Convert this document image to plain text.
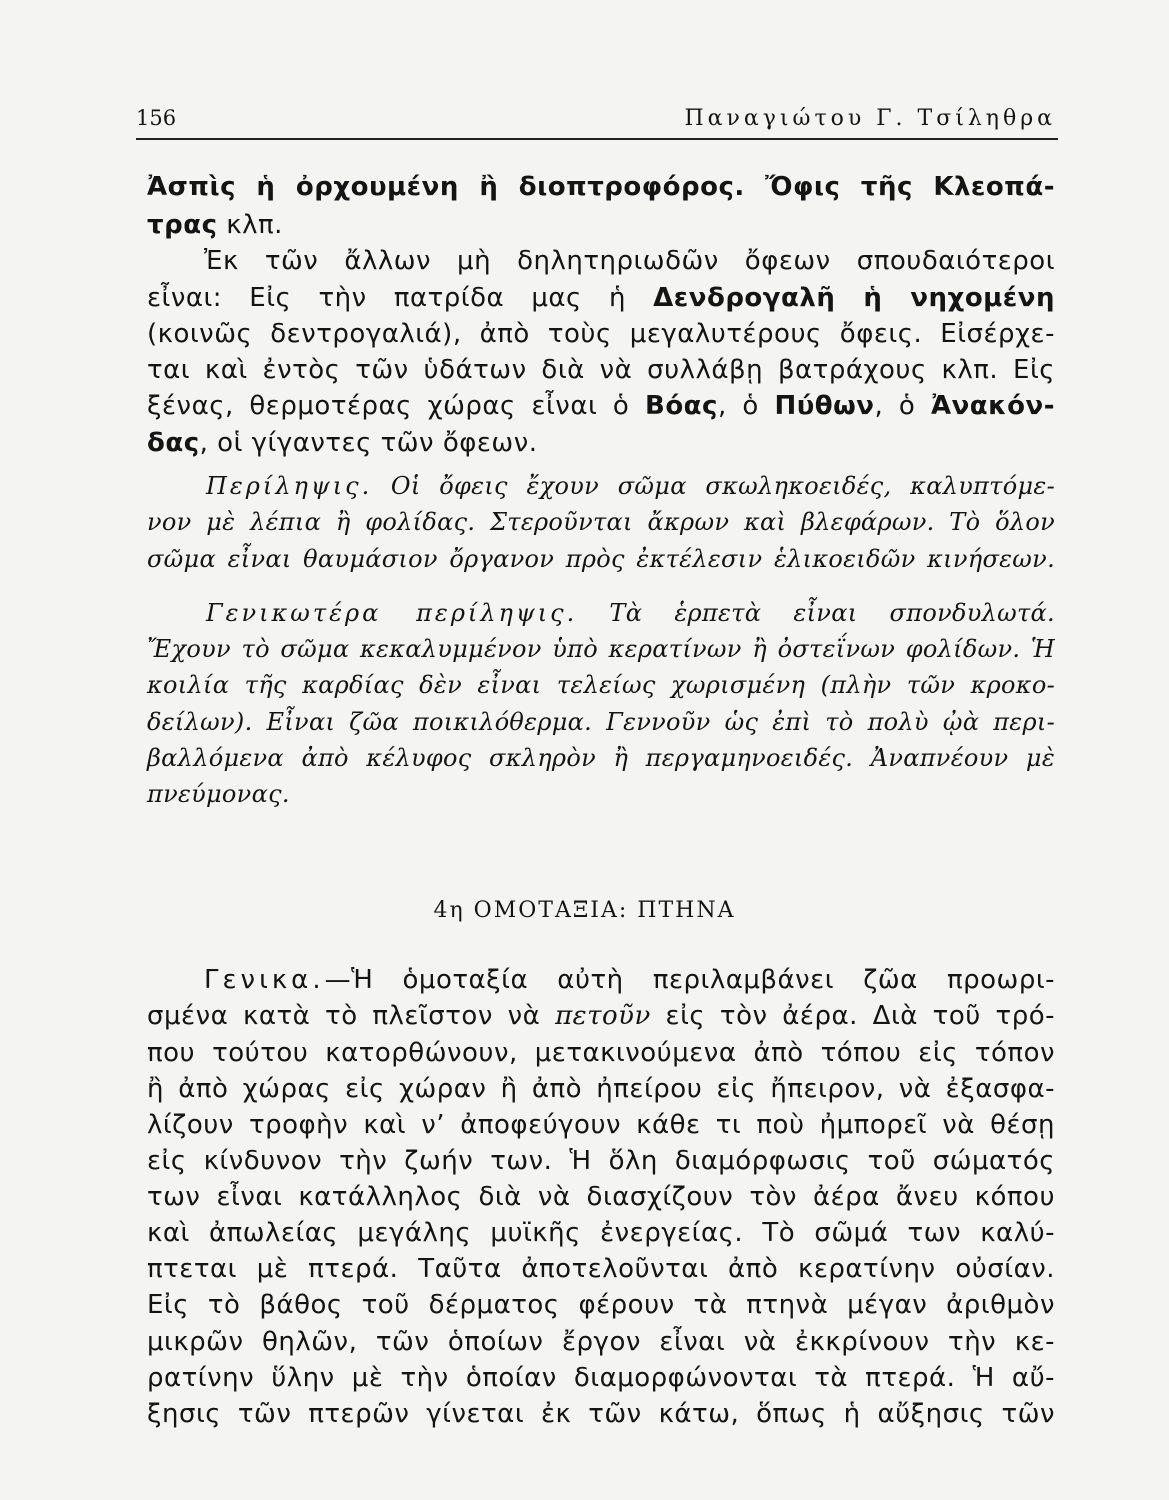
156	Παναγιώτου Γ. Τσίληθρα

Ἀσπὶς ἡ ὀρχουμένη ἢ διοπτροφόρος. Ὄφις τῆς Κλεοπά-

τρας κλπ.

Ἐκ τῶν ἄλλων μὴ δηλητηριωδῶν ὄφεων σπουδαιότεροι

εἶναι: Εἰς τὴν πατρίδα μας ἡ Δενδρογαλῆ ἡ νηχομένη

(κοινῶς δεντρογαλιά), ἀπὸ τοὺς μεγαλυτέρους ὄφεις. Εἰσέρχε-

ται καὶ ἐντὸς τῶν ὑδάτων διὰ νὰ συλλάβῃ βατράχους κλπ. Εἰς

ξένας, θερμοτέρας χώρας εἶναι ὁ Βόας, ὁ Πύθων, ὁ Ἀνακόν-

δας, οἱ γίγαντες τῶν ὄφεων.

Περίληψις. Οἱ ὄφεις ἔχουν σῶμα σκωληκοειδές, καλυπτόμε-

νον μὲ λέπια ἢ φολίδας. Στεροῦνται ἄκρων καὶ βλεφάρων. Τὸ ὅλον

σῶμα εἶναι θαυμάσιον ὄργανον πρὸς ἐκτέλεσιν ἑλικοειδῶν κινήσεων.

Γενικωτέρα περίληψις. Τὰ ἑρπετὰ εἶναι σπονδυλωτά.

Ἔχουν τὸ σῶμα κεκαλυμμένον ὑπὸ κερατίνων ἢ ὀστεΐνων φολίδων. Ἡ

κοιλία τῆς καρδίας δὲν εἶναι τελείως χωρισμένη (πλὴν τῶν κροκο-

δείλων). Εἶναι ζῶα ποικιλόθερμα. Γεννοῦν ὡς ἐπὶ τὸ πολὺ ᾠὰ περι-

βαλλόμενα ἀπὸ κέλυφος σκληρὸν ἢ περγαμηνοειδές. Ἀναπνέουν μὲ

πνεύμονας.

4η ΟΜΟΤΑΞΙΑ: ΠΤΗΝΑ

Γενικα.—Ἡ ὁμοταξία αὐτὴ περιλαμβάνει ζῶα προωρι-

σμένα κατὰ τὸ πλεῖστον νὰ πετοῦν εἰς τὸν ἀέρα. Διὰ τοῦ τρό-

που τούτου κατορθώνουν, μετακινούμενα ἀπὸ τόπου εἰς τόπον

ἢ ἀπὸ χώρας εἰς χώραν ἢ ἀπὸ ἠπείρου εἰς ἤπειρον, νὰ ἐξασφα-

λίζουν τροφὴν καὶ ν’ ἀποφεύγουν κάθε τι ποὺ ἠμπορεῖ νὰ θέσῃ

εἰς κίνδυνον τὴν ζωήν των. Ἡ ὅλη διαμόρφωσις τοῦ σώματός

των εἶναι κατάλληλος διὰ νὰ διασχίζουν τὸν ἀέρα ἄνευ κόπου

καὶ ἀπωλείας μεγάλης μυϊκῆς ἐνεργείας. Τὸ σῶμά των καλύ-

πτεται μὲ πτερά. Ταῦτα ἀποτελοῦνται ἀπὸ κερατίνην οὐσίαν.

Εἰς τὸ βάθος τοῦ δέρματος φέρουν τὰ πτηνὰ μέγαν ἀριθμὸν

μικρῶν θηλῶν, τῶν ὁποίων ἔργον εἶναι νὰ ἐκκρίνουν τὴν κε-

ρατίνην ὕλην μὲ τὴν ὁποίαν διαμορφώνονται τὰ πτερά. Ἡ αὔ-

ξησις τῶν πτερῶν γίνεται ἐκ τῶν κάτω, ὅπως ἡ αὔξησις τῶν
